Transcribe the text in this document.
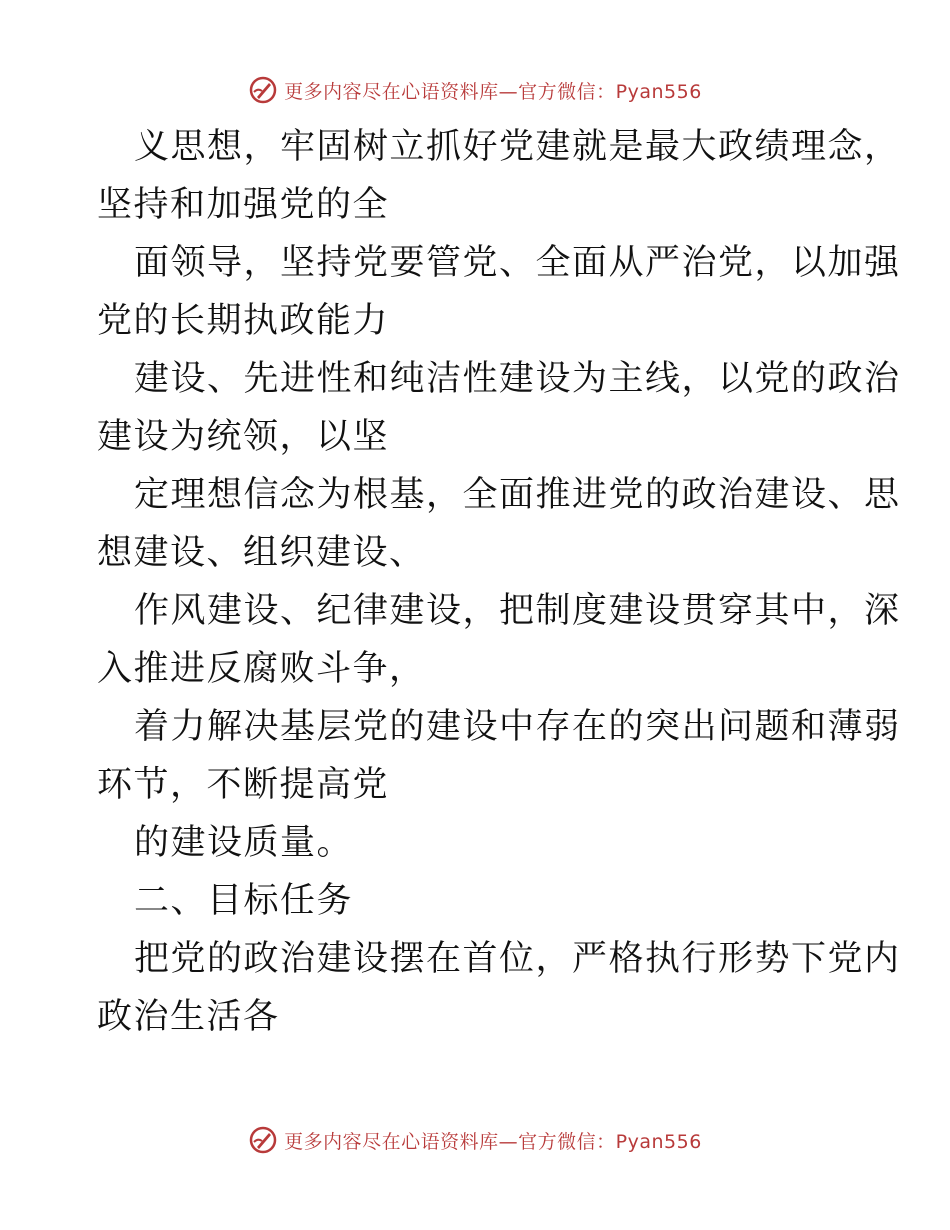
更多内容尽在心语资料库—官方微信：Pyan556

义思想，牢固树立抓好党建就是最大政绩理念，
坚持和加强党的全

面领导，坚持党要管党、全面从严治党，以加强
党的长期执政能力

建设、先进性和纯洁性建设为主线，以党的政治
建设为统领，以坚

定理想信念为根基，全面推进党的政治建设、思
想建设、组织建设、

作风建设、纪律建设，把制度建设贯穿其中，深
入推进反腐败斗争，

着力解决基层党的建设中存在的突出问题和薄弱
环节，不断提高党

的建设质量。

二、目标任务

把党的政治建设摆在首位，严格执行形势下党内
政治生活各

更多内容尽在心语资料库—官方微信：Pyan556
